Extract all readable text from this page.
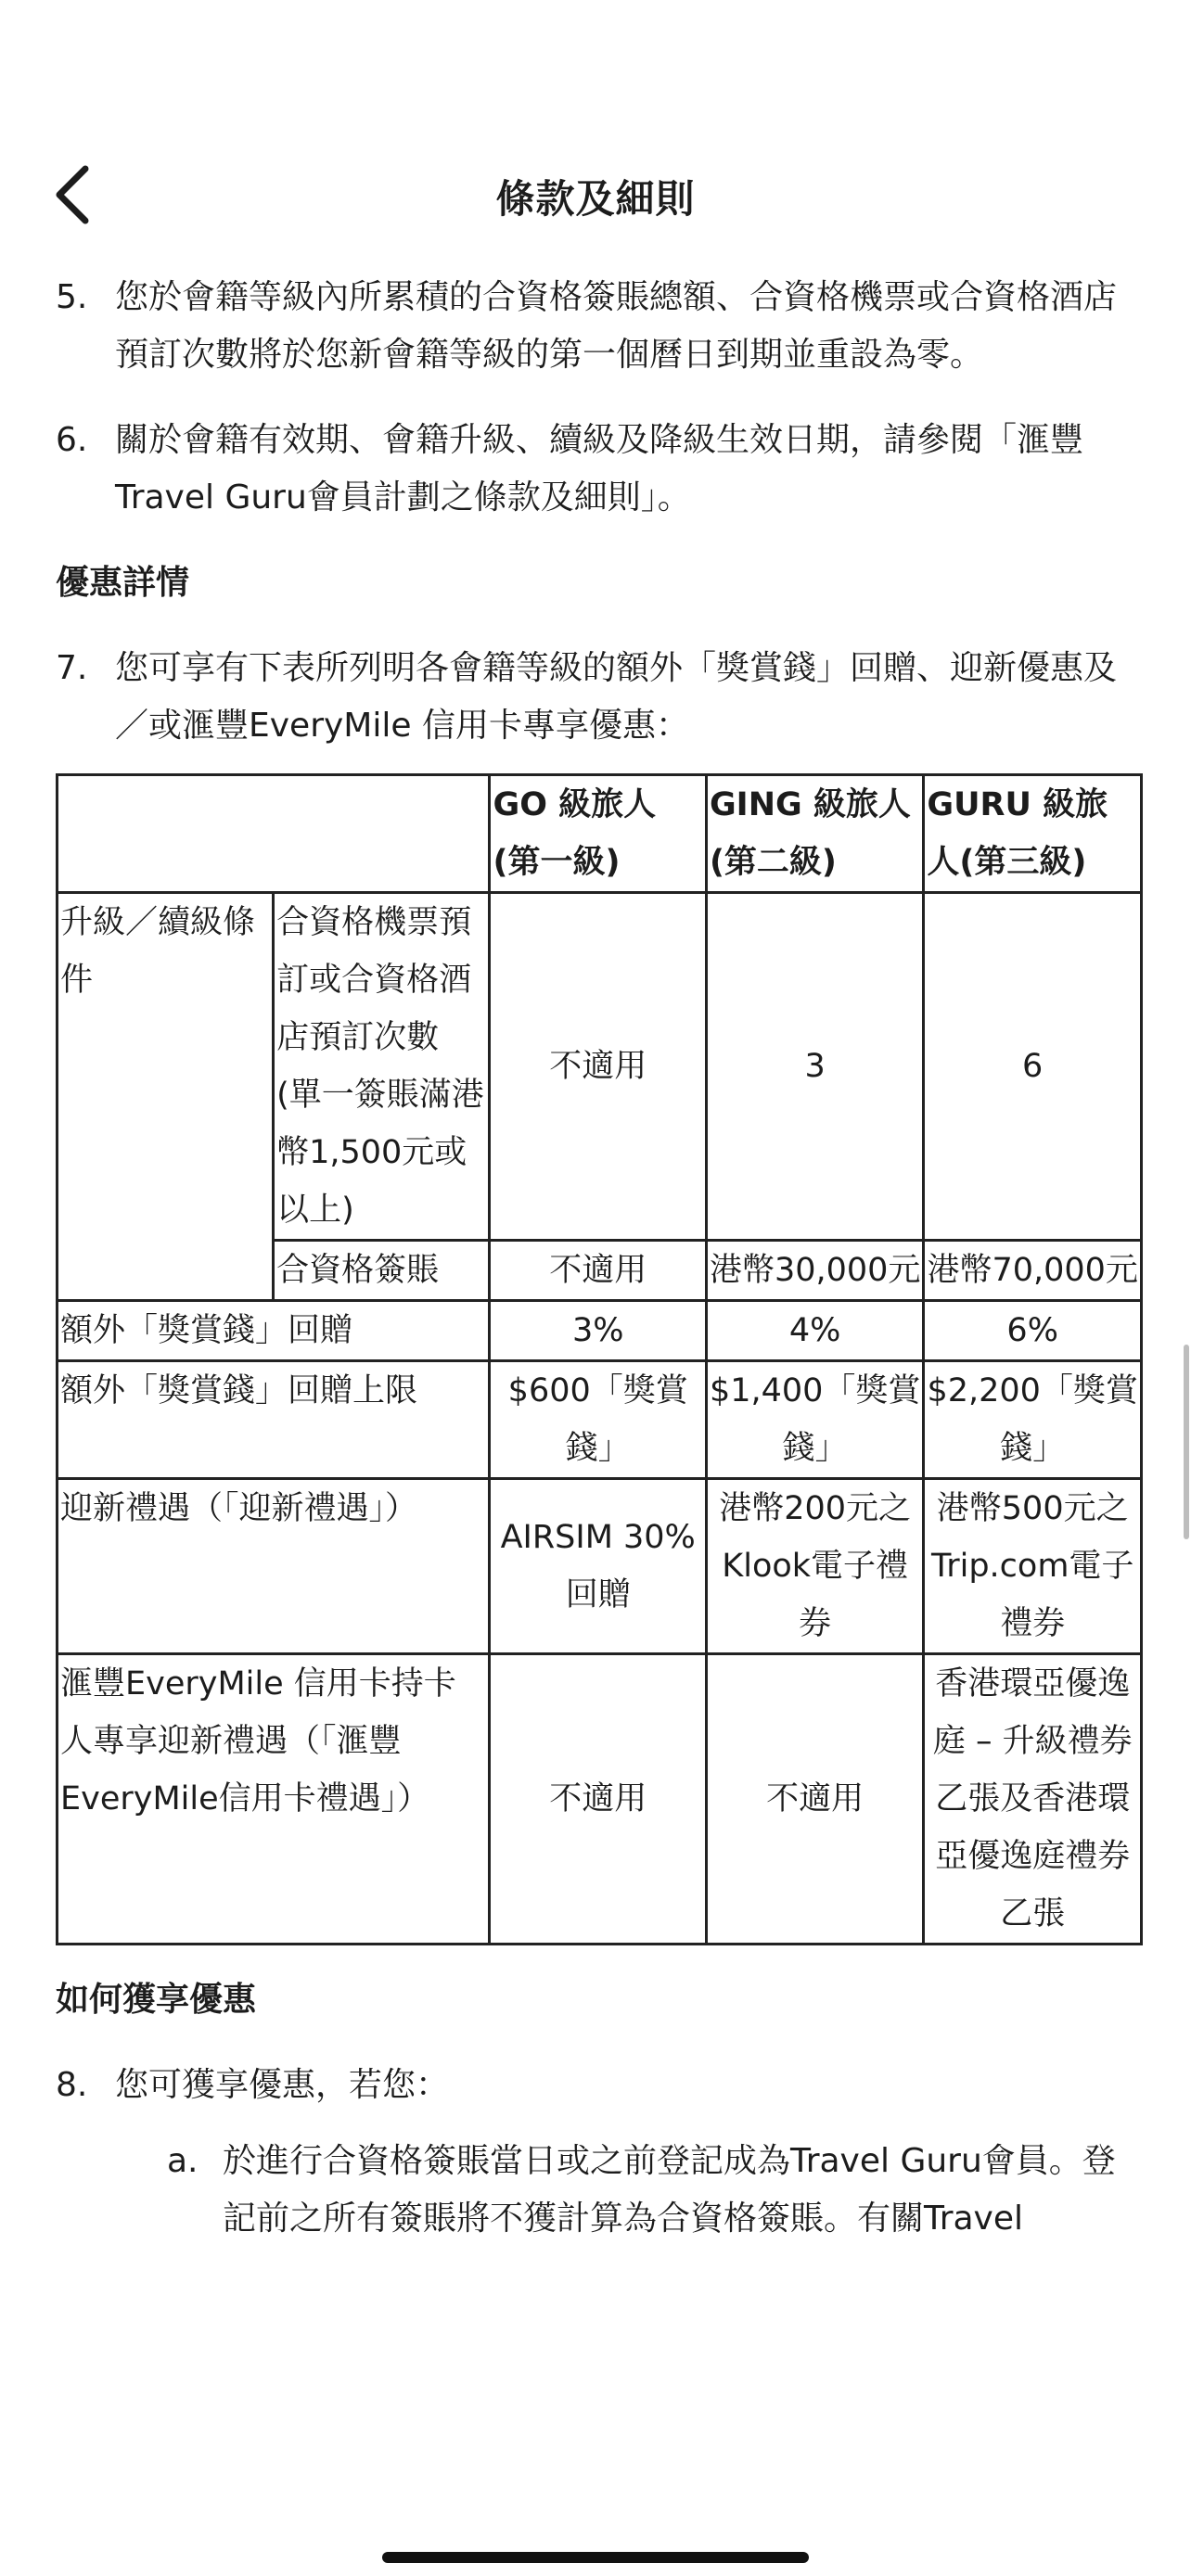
條款及細則
5. 您於會籍等級內所累積的合資格簽賬總額、合資格機票或合資格酒店預訂次數將於您新會籍等級的第一個曆日到期並重設為零。
6. 關於會籍有效期、會籍升級、續級及降級生效日期，請參閱「滙豐Travel Guru會員計劃之條款及細則」。
優惠詳情
7. 您可享有下表所列明各會籍等級的額外「獎賞錢」回贈、迎新優惠及／或滙豐EveryMile 信用卡專享優惠：
		GO 級旅人(第一級)	GING 級旅人(第二級)	GURU 級旅人(第三級)
升級／續級條件	合資格機票預訂或合資格酒店預訂次數 (單一簽賬滿港幣1,500元或以上)	不適用	3	6
	合資格簽賬	不適用	港幣30,000元	港幣70,000元
額外「獎賞錢」回贈		3%	4%	6%
額外「獎賞錢」回贈上限		$600「獎賞錢」	$1,400「獎賞錢」	$2,200「獎賞錢」
迎新禮遇（「迎新禮遇」）		AIRSIM 30%回贈	港幣200元之Klook電子禮券	港幣500元之Trip.com電子禮券
滙豐EveryMile 信用卡持卡人專享迎新禮遇（「滙豐EveryMile信用卡禮遇」）		不適用	不適用	香港環亞優逸庭 – 升級禮券乙張及香港環亞優逸庭禮券乙張
如何獲享優惠
8. 您可獲享優惠，若您：
a. 於進行合資格簽賬當日或之前登記成為Travel Guru會員。登記前之所有簽賬將不獲計算為合資格簽賬。有關Travel
